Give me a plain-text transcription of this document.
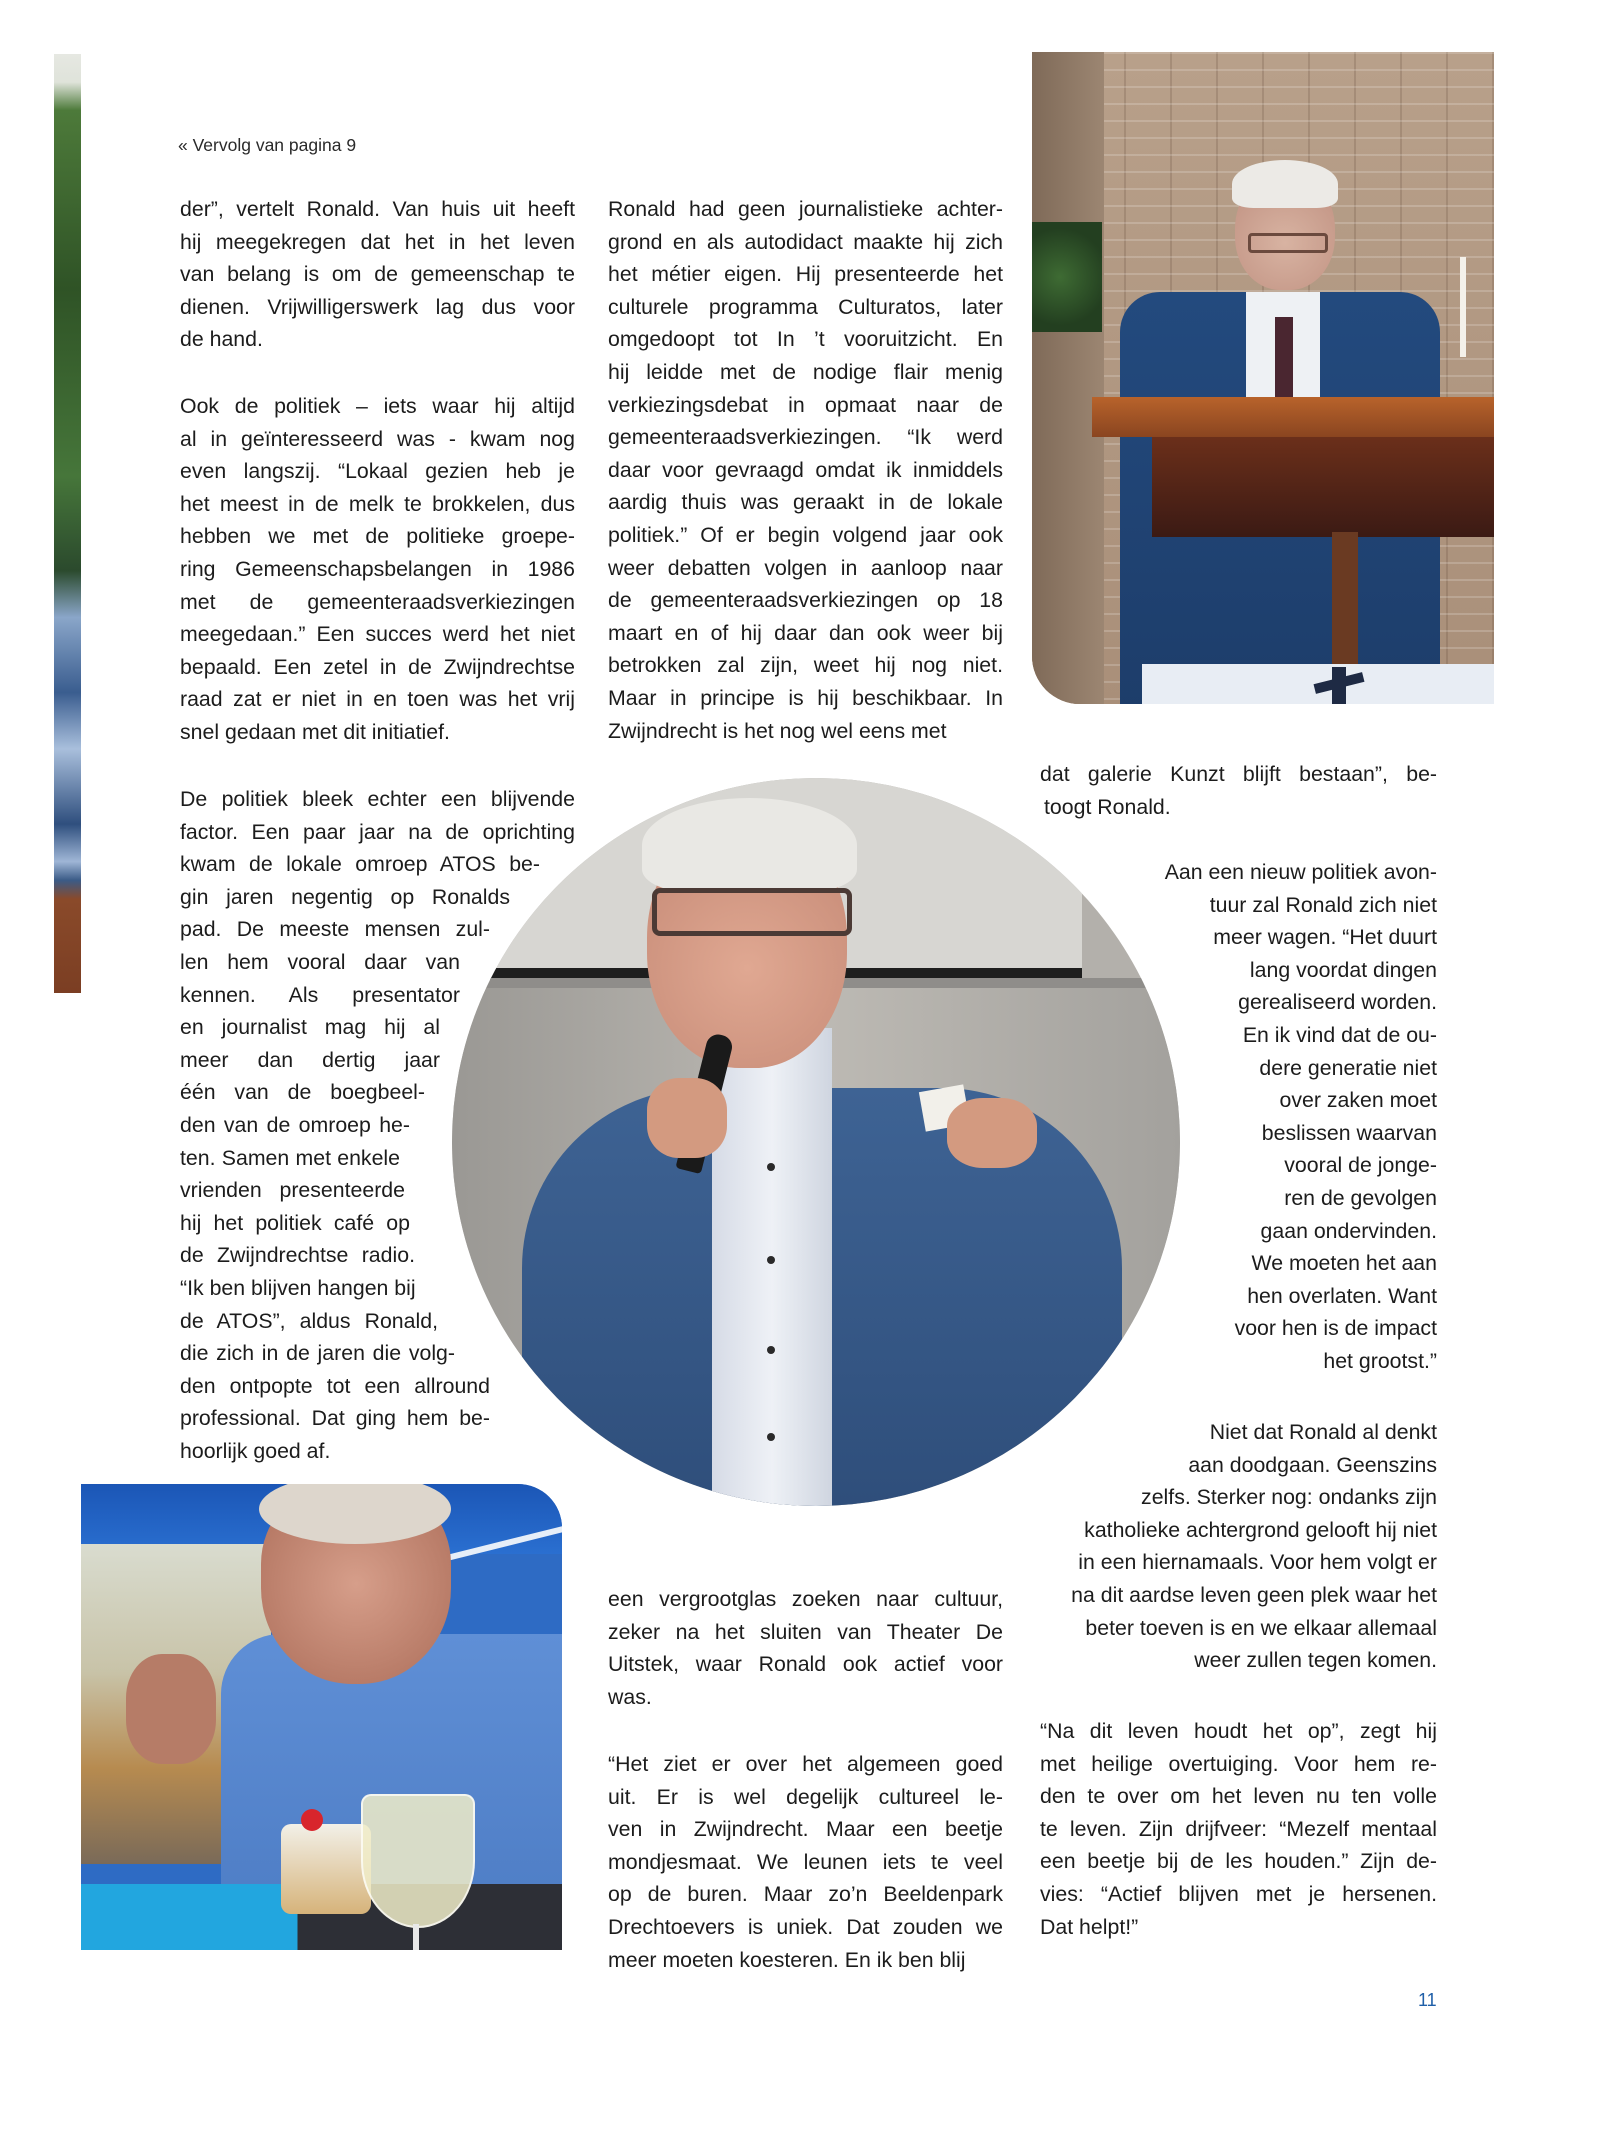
« Vervolg van pagina 9
der”, vertelt Ronald. Van huis uit heeft
hij meegekregen dat het in het leven
van belang is om de gemeenschap te
dienen. Vrijwilligerswerk lag dus voor
de hand.
Ook de politiek – iets waar hij altijd
al in geïnteresseerd was - kwam nog
even langszij. “Lokaal gezien heb je
het meest in de melk te brokkelen, dus
hebben we met de politieke groepe-
ring Gemeenschapsbelangen in 1986
met de gemeenteraadsverkiezingen
meegedaan.” Een succes werd het niet
bepaald. Een zetel in de Zwijndrechtse
raad zat er niet in en toen was het vrij
snel gedaan met dit initiatief.
De politiek bleek echter een blijvende
factor. Een paar jaar na de oprichting
kwam de lokale omroep ATOS be-
gin jaren negentig op Ronalds
pad. De meeste mensen zul-
len hem vooral daar van
kennen. Als presentator
en journalist mag hij al
meer dan dertig jaar
één van de boegbeel-
den van de omroep he-
ten. Samen met enkele
vrienden presenteerde
hij het politiek café op
de Zwijndrechtse radio.
“Ik ben blijven hangen bij
de ATOS”, aldus Ronald,
die zich in de jaren die volg-
den ontpopte tot een allround
professional. Dat ging hem be-
hoorlijk goed af.
Ronald had geen journalistieke achter-
grond en als autodidact maakte hij zich
het métier eigen. Hij presenteerde het
culturele programma Culturatos, later
omgedoopt tot In ’t vooruitzicht. En
hij leidde met de nodige flair menig
verkiezingsdebat in opmaat naar de
gemeenteraadsverkiezingen. “Ik werd
daar voor gevraagd omdat ik inmiddels
aardig thuis was geraakt in de lokale
politiek.” Of er begin volgend jaar ook
weer debatten volgen in aanloop naar
de gemeenteraadsverkiezingen op 18
maart en of hij daar dan ook weer bij
betrokken zal zijn, weet hij nog niet.
Maar in principe is hij beschikbaar. In
Zwijndrecht is het nog wel eens met
een vergrootglas zoeken naar cultuur,
zeker na het sluiten van Theater De
Uitstek, waar Ronald ook actief voor
was.
“Het ziet er over het algemeen goed
uit. Er is wel degelijk cultureel le-
ven in Zwijndrecht. Maar een beetje
mondjesmaat. We leunen iets te veel
op de buren. Maar zo’n Beeldenpark
Drechtoevers is uniek. Dat zouden we
meer moeten koesteren. En ik ben blij
dat galerie Kunzt blijft bestaan”, be-
toogt Ronald.
Aan een nieuw politiek avon-
tuur zal Ronald zich niet
meer wagen. “Het duurt
lang voordat dingen
gerealiseerd worden.
En ik vind dat de ou-
dere generatie niet
over zaken moet
beslissen waarvan
vooral de jonge-
ren de gevolgen
gaan ondervinden.
We moeten het aan
hen overlaten. Want
voor hen is de impact
het grootst.”
Niet dat Ronald al denkt
aan doodgaan. Geenszins
zelfs. Sterker nog: ondanks zijn
katholieke achtergrond gelooft hij niet
in een hiernamaals. Voor hem volgt er
na dit aardse leven geen plek waar het
beter toeven is en we elkaar allemaal
weer zullen tegen komen.
“Na dit leven houdt het op”, zegt hij
met heilige overtuiging. Voor hem re-
den te over om het leven nu ten volle
te leven. Zijn drijfveer: “Mezelf mentaal
een beetje bij de les houden.” Zijn de-
vies: “Actief blijven met je hersenen.
Dat helpt!”
11
